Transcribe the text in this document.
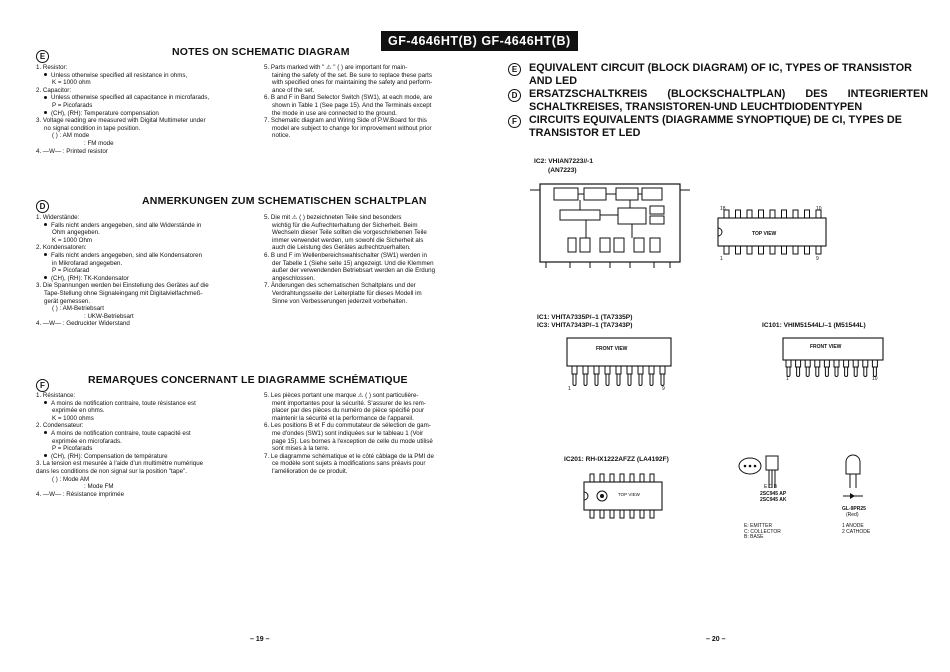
E	NOTES ON SCHEMATIC DIAGRAM
1. Resistor:
Unless otherwise specified all resistance in ohms,
K = 1000 ohm
2. Capacitor:
Unless otherwise specified all capacitance in microfarads,
P = Picofarads
(CH), (RH): Temperature compensation
3. Voltage reading are measured with Digital Multimeter under
no signal condition in tape position.
( ) : AM mode
: FM mode
4. —W— : Printed resistor
5. Parts marked with " ⚠ " ( ) are important for main-
taining the safety of the set. Be sure to replace these parts
with specified ones for maintaining the safety and perform-
ance of the set.
6. B and F in Band Selector Switch (SW1), at each mode, are
shown in Table 1 (See page 15). And the Terminals except
the mode in use are connected to the ground.
7. Schematic diagram and Wiring Side of P.W.Board for this
model are subject to change for improvement without prior
notice.
D	ANMERKUNGEN ZUM SCHEMATISCHEN SCHALTPLAN
1. Widerstände:
Falls nicht anders angegeben, sind alle Widerstände in
Ohm angegeben.
K = 1000 Ohm
2. Kondensatoren:
Falls nicht anders angegeben, sind alle Kondensatoren
in Mikrofarad angegeben.
P = Picofarad
(CH), (RH): TK-Kondensator
3. Die Spannungen werden bei Einstellung des Gerätes auf die
Tape-Stellung ohne Signaleingang mit Digitalvielfachmeß-
gerät gemessen.
( ) : AM-Betriebsart
: UKW-Betriebsart
4. —W— : Gedruckter Widerstand
5. Die mit ⚠ ( ) bezeichneten Teile sind besonders
wichtig für die Aufrechterhaltung der Sicherheit. Beim
Wechseln dieser Teile sollten die vorgeschriebenen Teile
immer verwendet werden, um sowohl die Sicherheit als
auch die Leistung des Gerätes aufrechtzuerhalten.
6. B und F im Wellenbereichswahlschalter (SW1) werden in
der Tabelle 1 (Siehe seite 15) angezeigt. Und die Klemmen
außer der verwendenden Betriebsart werden an die Erdung
angeschlossen.
7. Änderungen des schematischen Schaltplans und der
Verdrahtungsseite der Leiterplatte für dieses Modell im
Sinne von Verbesserungen jederzeit vorbehalten.
F	REMARQUES CONCERNANT LE DIAGRAMME SCHÉMATIQUE
1. Résistance:
A moins de notification contraire, toute résistance est
exprimée en ohms.
K = 1000 ohms
2. Condensateur:
A moins de notification contraire, toute capacité est
exprimée en microfarads.
P = Picofarads
(CH), (RH): Compensation de température
3. La tension est mesurée à l'aide d'un multimètre numérique
dans les conditions de non signal sur la position "tape".
( ) : Mode AM
: Mode FM
4. —W— : Résistance imprimée
5. Les pièces portant une marque ⚠ ( ) sont particulière-
ment importantes pour la sécurité. S'assurer de les rem-
placer par des pièces du numéro de pièce spécifié pour
maintenir la sécurité et la performance de l'appareil.
6. Les positions B et F du commutateur de sélection de gam-
me d'ondes (SW1) sont indiquées sur le tableau 1 (Voir
page 15). Les bornes à l'exception de celle du mode utilisé
sont mises à la terre.
7. Le diagramme schématique et le côté câblage de la PMI de
ce modèle sont sujets à modifications sans préavis pour
l'amélioration de ce produit.
– 19 –
GF-4646HT(B) GF-4646HT(B)
E	EQUIVALENT CIRCUIT (BLOCK DIAGRAM) OF IC, TYPES OF TRANSISTOR AND LED
D	ERSATZSCHALTKREIS (BLOCKSCHALTPLAN) DES INTEGRIERTEN SCHALTKREISES, TRANSISTOREN-UND LEUCHTDIODENTYPEN
F	CIRCUITS EQUIVALENTS (DIAGRAMME SYNOPTIQUE) DE CI, TYPES DE TRANSISTOR ET LED
IC2: VHIAN7223//-1
(AN7223)
18	10
1	9
TOP VIEW
IC1: VHITA7335P/–1 (TA7335P)
IC3: VHITA7343P/–1 (TA7343P)	IC101: VHIM51544L/–1 (M51544L)
FRONT VIEW
1	9
FRONT VIEW
1	10
IC201: RH-IX1222AFZZ (LA4192F)
TOP VIEW
E C B
2SC945 AP
2SC945 AK
GL-9PR25
(Red)
E: EMITTER
C: COLLECTOR
B: BASE
1 ANODE
2 CATHODE
– 20 –
